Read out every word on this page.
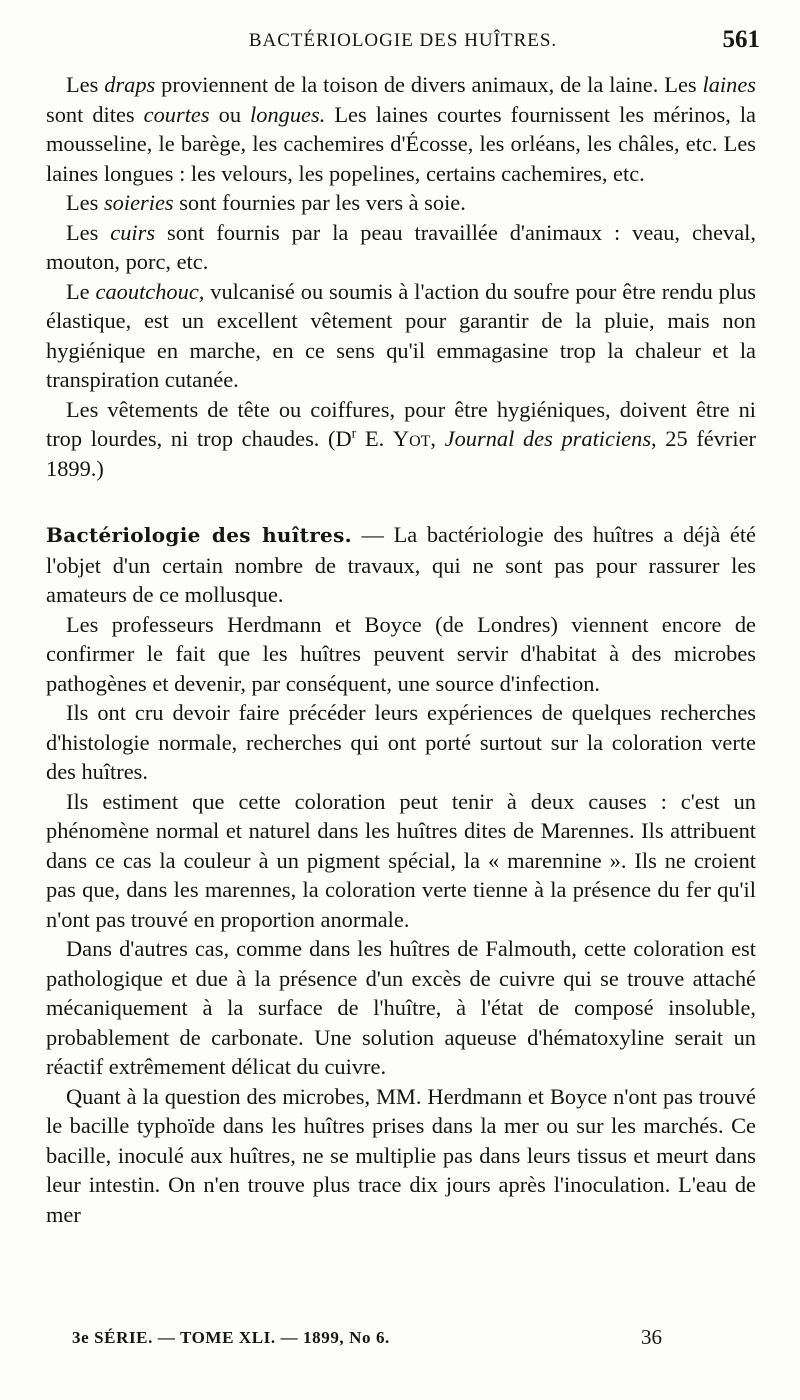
BACTÉRIOLOGIE DES HUÎTRES.	561

Les draps proviennent de la toison de divers animaux, de la laine. Les laines sont dites courtes ou longues. Les laines courtes fournissent les mérinos, la mousseline, le barège, les cachemires d'Écosse, les orléans, les châles, etc. Les laines longues : les velours, les popelines, certains cachemires, etc.

Les soieries sont fournies par les vers à soie.

Les cuirs sont fournis par la peau travaillée d'animaux : veau, cheval, mouton, porc, etc.

Le caoutchouc, vulcanisé ou soumis à l'action du soufre pour être rendu plus élastique, est un excellent vêtement pour garantir de la pluie, mais non hygiénique en marche, en ce sens qu'il emmagasine trop la chaleur et la transpiration cutanée.

Les vêtements de tête ou coiffures, pour être hygiéniques, doivent être ni trop lourdes, ni trop chaudes. ($D^r$ E. Yot, Journal des praticiens, 25 février 1899.)

Bactériologie des huîtres. — La bactériologie des huîtres a déjà été l'objet d'un certain nombre de travaux, qui ne sont pas pour rassurer les amateurs de ce mollusque.

Les professeurs Herdmann et Boyce (de Londres) viennent encore de confirmer le fait que les huîtres peuvent servir d'habitat à des microbes pathogènes et devenir, par conséquent, une source d'infection.

Ils ont cru devoir faire précéder leurs expériences de quelques recherches d'histologie normale, recherches qui ont porté surtout sur la coloration verte des huîtres.

Ils estiment que cette coloration peut tenir à deux causes : c'est un phénomène normal et naturel dans les huîtres dites de Marennes. Ils attribuent dans ce cas la couleur à un pigment spécial, la « marennine ». Ils ne croient pas que, dans les marennes, la coloration verte tienne à la présence du fer qu'il n'ont pas trouvé en proportion anormale.

Dans d'autres cas, comme dans les huîtres de Falmouth, cette coloration est pathologique et due à la présence d'un excès de cuivre qui se trouve attaché mécaniquement à la surface de l'huître, à l'état de composé insoluble, probablement de carbonate. Une solution aqueuse d'hématoxyline serait un réactif extrêmement délicat du cuivre.

Quant à la question des microbes, MM. Herdmann et Boyce n'ont pas trouvé le bacille typhoïde dans les huîtres prises dans la mer ou sur les marchés. Ce bacille, inoculé aux huîtres, ne se multiplie pas dans leurs tissus et meurt dans leur intestin. On n'en trouve plus trace dix jours après l'inoculation. L'eau de mer

3e SÉRIE. — TOME XLI. — 1899, No 6.	36
